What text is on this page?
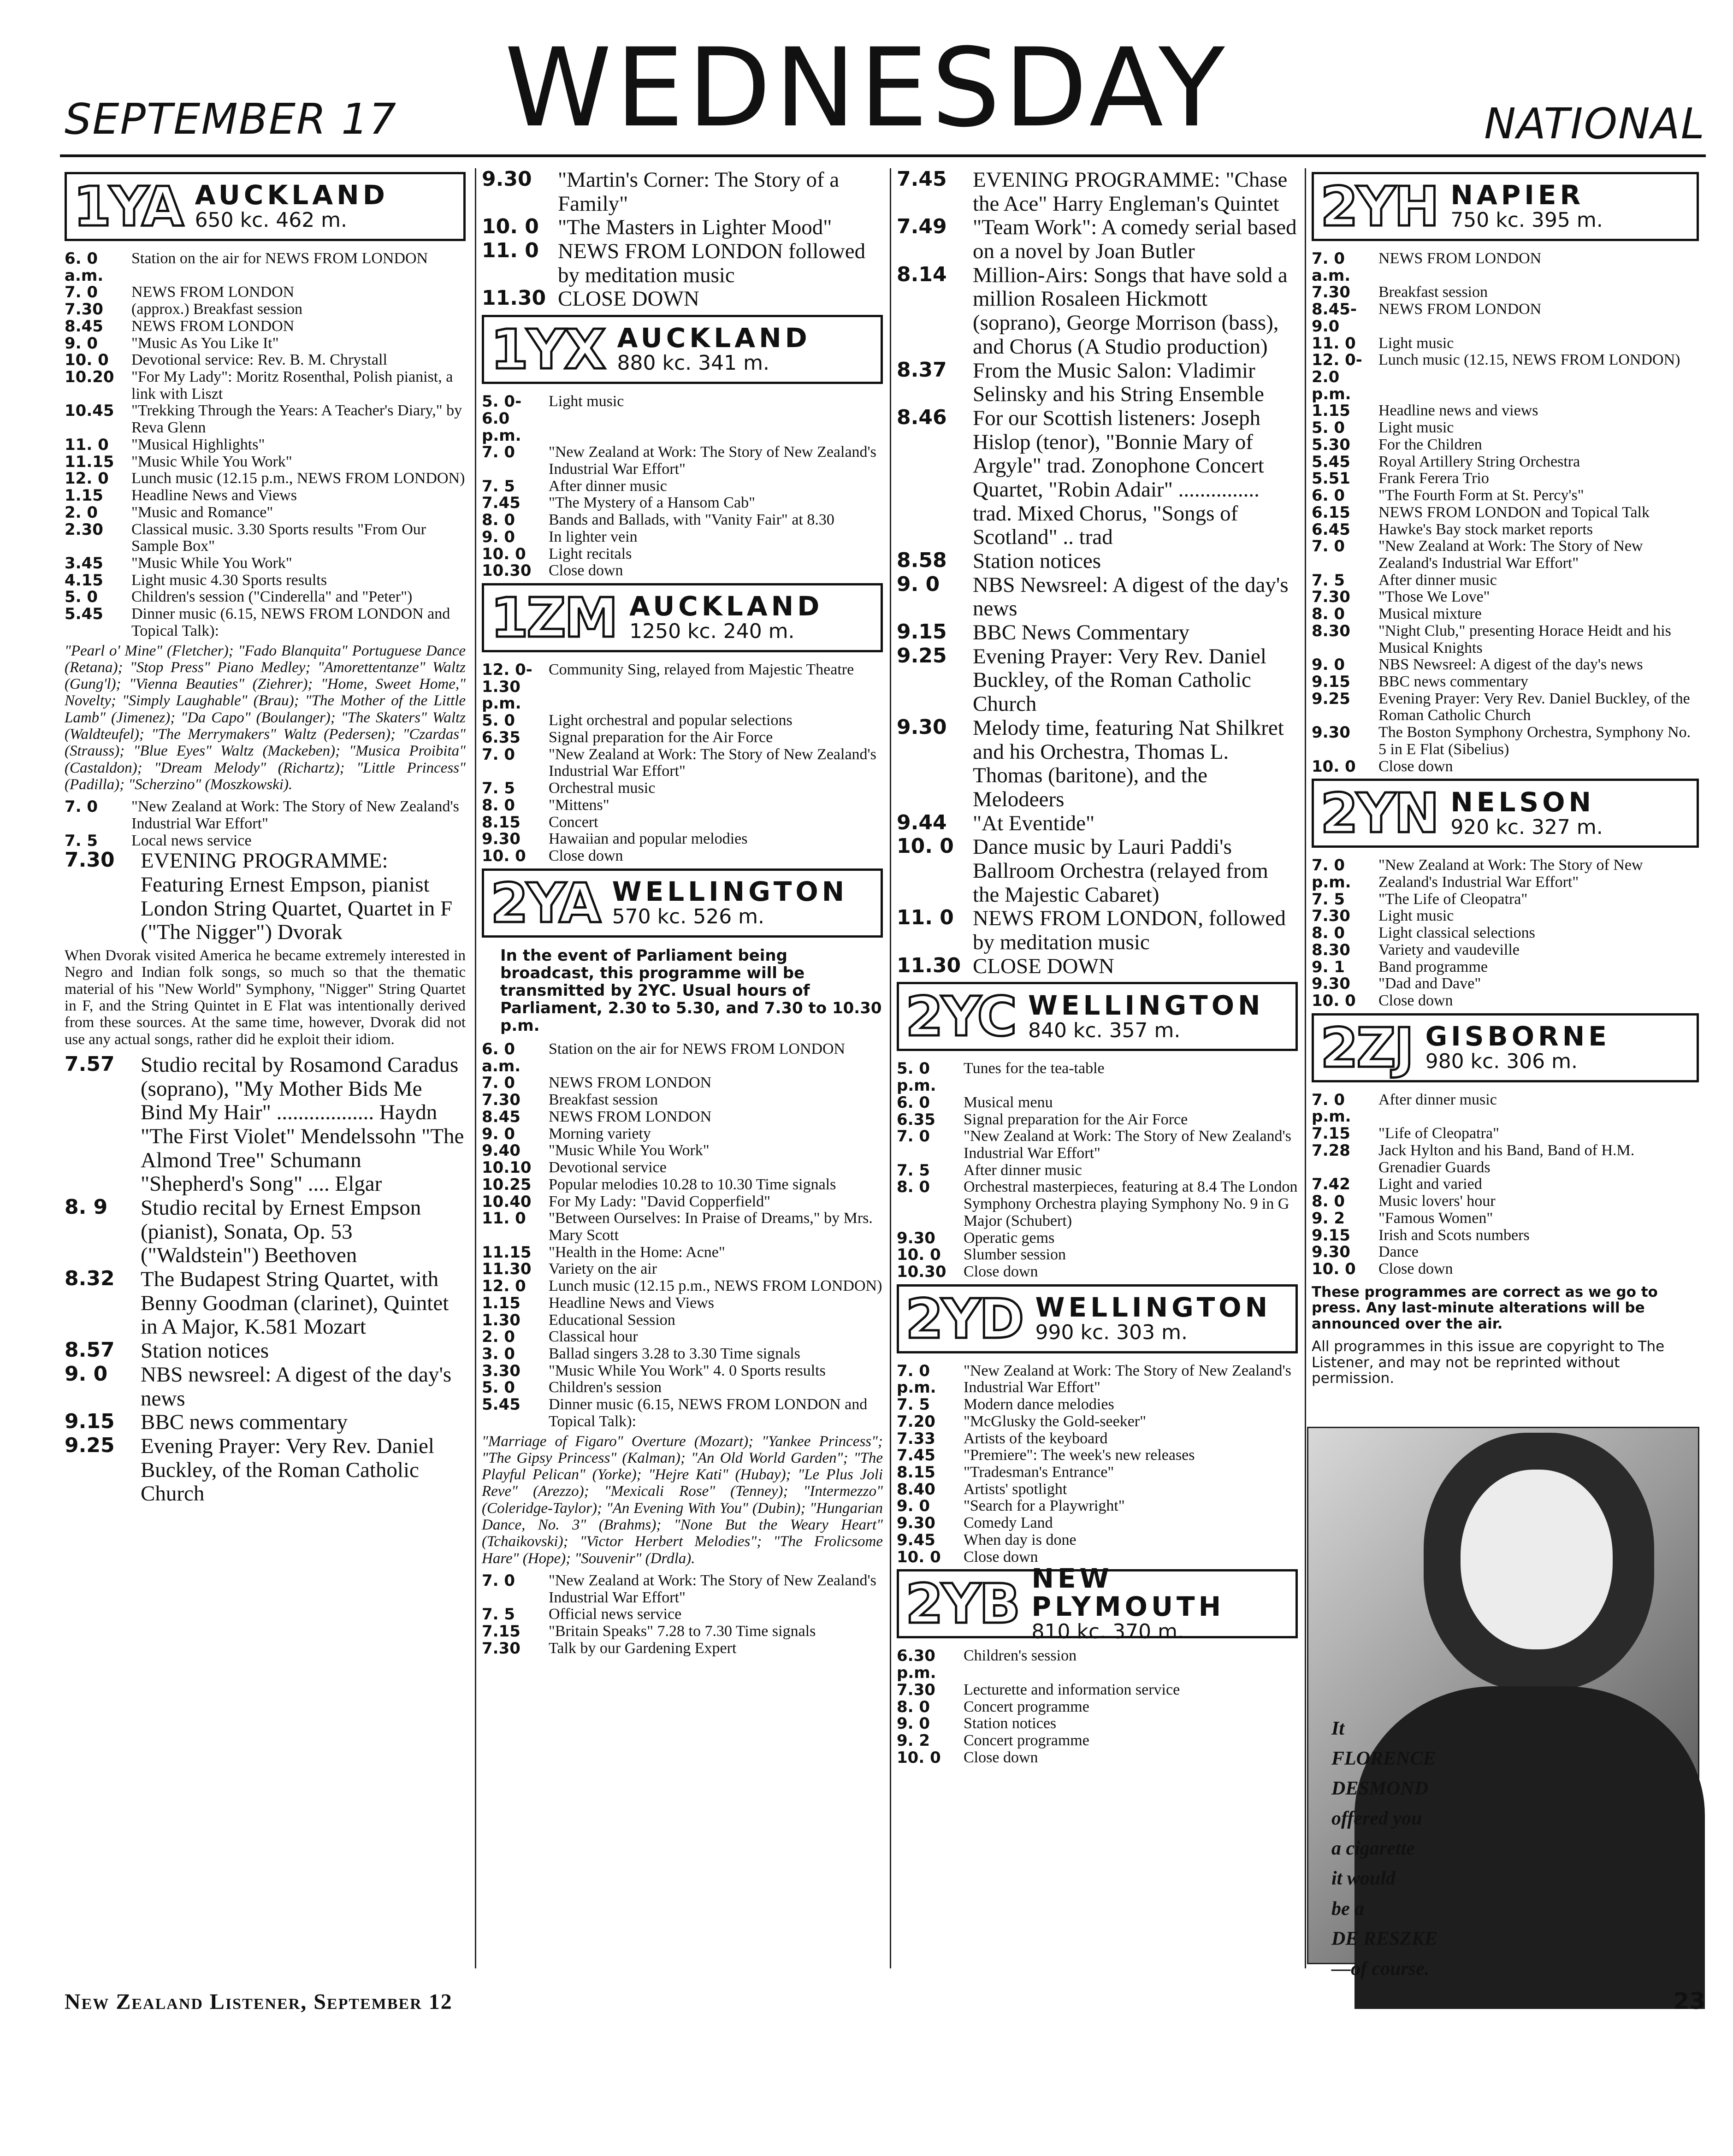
SEPTEMBER 17 WEDNESDAY	NATIONAL
1YA AUCKLAND
650 kc. 462 m.
6. 0 a.m.
Station on the air for NEWS FROM LONDON
7. 0	NEWS FROM LONDON
7.30	(approx.) Breakfast session
8.45	NEWS FROM LONDON
9. 0	"Music As You Like It"
10. 0	Devotional service: Rev. B. M. Chrystall
10.20	"For My Lady": Moritz Rosenthal, Polish pianist, a link with Liszt
10.45	"Trekking Through the Years: A Teacher's Diary," by Reva Glenn
11. 0	"Musical Highlights"
11.15	"Music While You Work"
12. 0	Lunch music (12.15 p.m., NEWS FROM LONDON)
1.15	Headline News and Views
2. 0	"Music and Romance"
2.30	Classical music. 3.30 Sports results "From Our Sample Box"
3.45	"Music While You Work"
4.15	Light music 4.30 Sports results
5. 0	Children's session ("Cinderella" and "Peter")
5.45	Dinner music (6.15, NEWS FROM LONDON and Topical Talk):
"Pearl o' Mine" (Fletcher); "Fado Blanquita" Portuguese Dance (Retana); "Stop Press" Piano Medley; "Amorettentanze" Waltz (Gung'l); "Vienna Beauties" (Ziehrer); "Home, Sweet Home," Novelty; "Simply Laughable" (Brau); "The Mother of the Little Lamb" (Jimenez); "Da Capo" (Boulanger); "The Skaters" Waltz (Waldteufel); "The Merrymakers" Waltz (Pedersen); "Czardas" (Strauss); "Blue Eyes" Waltz (Mackeben); "Musica Proibita" (Castaldon); "Dream Melody" (Richartz); "Little Princess" (Padilla); "Scherzino" (Moszkowski).
7. 0	"New Zealand at Work: The Story of New Zealand's Industrial War Effort"
7. 5	Local news service
7.30	EVENING PROGRAMME: Featuring Ernest Empson, pianist London String Quartet, Quartet in F ("The Nigger") Dvorak
When Dvorak visited America he became extremely interested in Negro and Indian folk songs, so much so that the thematic material of his "New World" Symphony, "Nigger" String Quartet in F, and the String Quintet in E Flat was intentionally derived from these sources. At the same time, however, Dvorak did not use any actual songs, rather did he exploit their idiom.
7.57	Studio recital by Rosamond Caradus (soprano), "My Mother Bids Me Bind My Hair" .................. Haydn "The First Violet" Mendelssohn "The Almond Tree" Schumann "Shepherd's Song" .... Elgar
8. 9	Studio recital by Ernest Empson (pianist), Sonata, Op. 53 ("Waldstein") Beethoven
8.32	The Budapest String Quartet, with Benny Goodman (clarinet), Quintet in A Major, K.581 Mozart
8.57	Station notices
9. 0	NBS newsreel: A digest of the day's news
9.15	BBC news commentary
9.25	Evening Prayer: Very Rev. Daniel Buckley, of the Roman Catholic Church
9.30	"Martin's Corner: The Story of a Family"
10. 0 "The Masters in Lighter Mood"
11. 0 NEWS FROM LONDON followed by meditation music
11.30 CLOSE DOWN
1YX AUCKLAND
880 kc. 341 m.
5. 0-6.0 p.m.
Light music
7. 0	"New Zealand at Work: The Story of New Zealand's Industrial War Effort"
7. 5	After dinner music
7.45	"The Mystery of a Hansom Cab"
8. 0	Bands and Ballads, with "Vanity Fair" at 8.30
9. 0	In lighter vein
10. 0	Light recitals
10.30	Close down
1ZM AUCKLAND
1250 kc. 240 m.
12. 0-1.30 p.m.
Community Sing, relayed from Majestic Theatre
5. 0	Light orchestral and popular selections
6.35	Signal preparation for the Air Force
7. 0	"New Zealand at Work: The Story of New Zealand's Industrial War Effort"
7. 5	Orchestral music
8. 0	"Mittens"
8.15	Concert
9.30	Hawaiian and popular melodies
10. 0	Close down
2YA WELLINGTON
570 kc. 526 m.
In the event of Parliament being broadcast, this programme will be transmitted by 2YC. Usual hours of Parliament, 2.30 to 5.30, and 7.30 to 10.30 p.m.
6. 0 a.m.
Station on the air for NEWS FROM LONDON
7. 0	NEWS FROM LONDON
7.30	Breakfast session
8.45	NEWS FROM LONDON
9. 0	Morning variety
9.40	"Music While You Work"
10.10	Devotional service
10.25	Popular melodies 10.28 to 10.30 Time signals
10.40	For My Lady: "David Copperfield"
11. 0	"Between Ourselves: In Praise of Dreams," by Mrs. Mary Scott
11.15	"Health in the Home: Acne"
11.30	Variety on the air
12. 0	Lunch music (12.15 p.m., NEWS FROM LONDON)
1.15	Headline News and Views
1.30	Educational Session
2. 0	Classical hour
3. 0	Ballad singers 3.28 to 3.30 Time signals
3.30	"Music While You Work" 4. 0 Sports results
5. 0	Children's session
5.45	Dinner music (6.15, NEWS FROM LONDON and Topical Talk):
"Marriage of Figaro" Overture (Mozart); "Yankee Princess"; "The Gipsy Princess" (Kalman); "An Old World Garden"; "The Playful Pelican" (Yorke); "Hejre Kati" (Hubay); "Le Plus Joli Reve" (Arezzo); "Mexicali Rose" (Tenney); "Intermezzo" (Coleridge-Taylor); "An Evening With You" (Dubin); "Hungarian Dance, No. 3" (Brahms); "None But the Weary Heart" (Tchaikovski); "Victor Herbert Melodies"; "The Frolicsome Hare" (Hope); "Souvenir" (Drdla).
7. 0	"New Zealand at Work: The Story of New Zealand's Industrial War Effort"
7. 5	Official news service
7.15	"Britain Speaks" 7.28 to 7.30 Time signals
7.30	Talk by our Gardening Expert
7.45	EVENING PROGRAMME: "Chase the Ace" Harry Engleman's Quintet
7.49	"Team Work": A comedy serial based on a novel by Joan Butler
8.14	Million-Airs: Songs that have sold a million Rosaleen Hickmott (soprano), George Morrison (bass), and Chorus (A Studio production)
8.37	From the Music Salon: Vladimir Selinsky and his String Ensemble
8.46	For our Scottish listeners: Joseph Hislop (tenor), "Bonnie Mary of Argyle" trad. Zonophone Concert Quartet, "Robin Adair" ............... trad. Mixed Chorus, "Songs of Scotland" .. trad
8.58	Station notices
9. 0	NBS Newsreel: A digest of the day's news
9.15	BBC News Commentary
9.25	Evening Prayer: Very Rev. Daniel Buckley, of the Roman Catholic Church
9.30	Melody time, featuring Nat Shilkret and his Orchestra, Thomas L. Thomas (baritone), and the Melodeers
9.44	"At Eventide"
10. 0 Dance music by Lauri Paddi's Ballroom Orchestra (relayed from the Majestic Cabaret)
11. 0 NEWS FROM LONDON, followed by meditation music
11.30 CLOSE DOWN
2YC WELLINGTON
840 kc. 357 m.
5. 0 p.m.
Tunes for the tea-table
6. 0	Musical menu
6.35	Signal preparation for the Air Force
7. 0	"New Zealand at Work: The Story of New Zealand's Industrial War Effort"
7. 5	After dinner music
8. 0	Orchestral masterpieces, featuring at 8.4 The London Symphony Orchestra playing Symphony No. 9 in G Major (Schubert)
9.30	Operatic gems
10. 0	Slumber session
10.30	Close down
2YD WELLINGTON
990 kc. 303 m.
7. 0 p.m.
"New Zealand at Work: The Story of New Zealand's Industrial War Effort"
7. 5	Modern dance melodies
7.20	"McGlusky the Gold-seeker"
7.33	Artists of the keyboard
7.45	"Premiere": The week's new releases
8.15	"Tradesman's Entrance"
8.40	Artists' spotlight
9. 0	"Search for a Playwright"
9.30	Comedy Land
9.45	When day is done
10. 0	Close down
2YB NEW PLYMOUTH
810 kc. 370 m.
6.30 p.m.
Children's session
7.30	Lecturette and information service
8. 0	Concert programme
9. 0	Station notices
9. 2	Concert programme
10. 0	Close down
2YH NAPIER
750 kc. 395 m.
7. 0 a.m.
NEWS FROM LONDON
7.30	Breakfast session
8.45-9.0
NEWS FROM LONDON
11. 0	Light music
12. 0-2.0 p.m.
Lunch music (12.15, NEWS FROM LONDON)
1.15	Headline news and views
5. 0	Light music
5.30	For the Children
5.45	Royal Artillery String Orchestra
5.51	Frank Ferera Trio
6. 0	"The Fourth Form at St. Percy's"
6.15	NEWS FROM LONDON and Topical Talk
6.45	Hawke's Bay stock market reports
7. 0	"New Zealand at Work: The Story of New Zealand's Industrial War Effort"
7. 5	After dinner music
7.30	"Those We Love"
8. 0	Musical mixture
8.30	"Night Club," presenting Horace Heidt and his Musical Knights
9. 0	NBS Newsreel: A digest of the day's news
9.15	BBC news commentary
9.25	Evening Prayer: Very Rev. Daniel Buckley, of the Roman Catholic Church
9.30	The Boston Symphony Orchestra, Symphony No. 5 in E Flat (Sibelius)
10. 0	Close down
2YN NELSON
920 kc. 327 m.
7. 0 p.m.
"New Zealand at Work: The Story of New Zealand's Industrial War Effort"
7. 5	"The Life of Cleopatra"
7.30	Light music
8. 0	Light classical selections
8.30	Variety and vaudeville
9. 1	Band programme
9.30	"Dad and Dave"
10. 0	Close down
2ZJ GISBORNE
980 kc. 306 m.
7. 0 p.m.
After dinner music
7.15	"Life of Cleopatra"
7.28	Jack Hylton and his Band, Band of H.M. Grenadier Guards
7.42	Light and varied
8. 0	Music lovers' hour
9. 2	"Famous Women"
9.15	Irish and Scots numbers
9.30	Dance
10. 0	Close down
These programmes are correct as we go to press. Any last-minute alterations will be announced over the air.
All programmes in this issue are copyright to The Listener, and may not be reprinted without permission.
It
FLORENCE
DESMOND
offered you
a cigarette
it would
be a
DE RESZKE
—of course.
New Zealand Listener, September 12	23
